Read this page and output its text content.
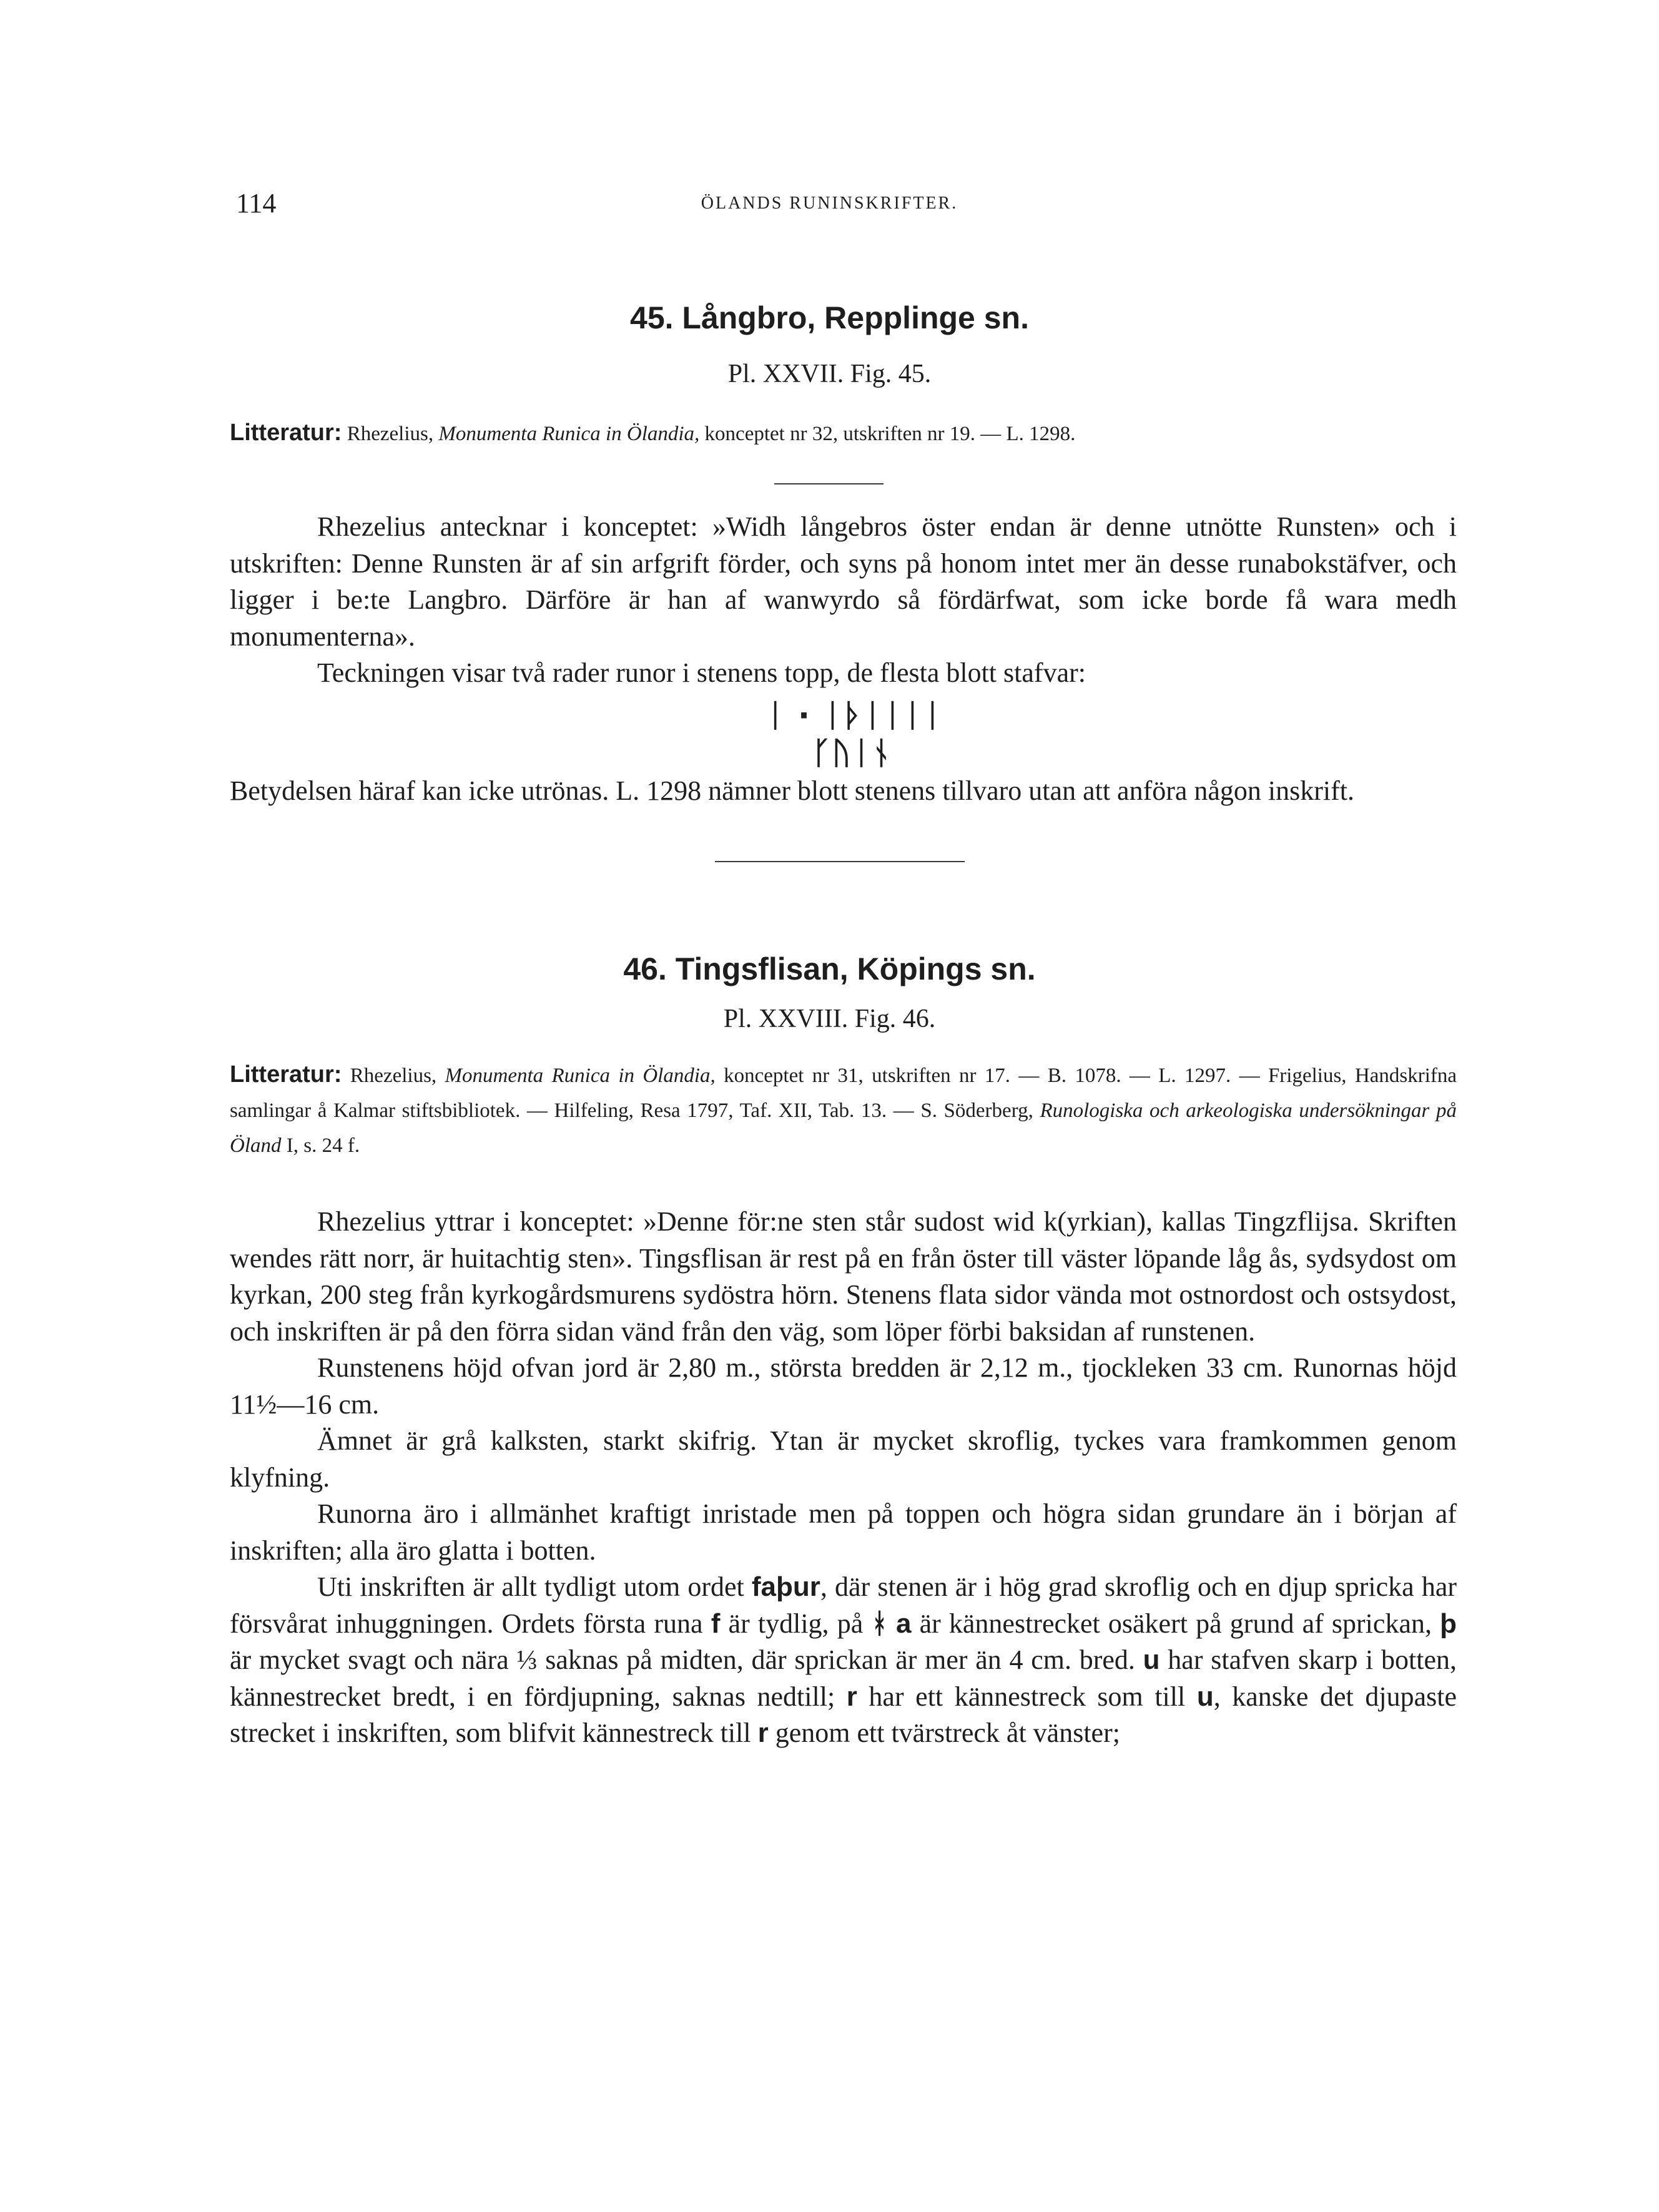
114	ÖLANDS RUNINSKRIFTER.
45. Långbro, Repplinge sn.
Pl. XXVII. Fig. 45.
Litteratur: Rhezelius, Monumenta Runica in Ölandia, konceptet nr 32, utskriften nr 19. — L. 1298.

Rhezelius antecknar i konceptet: »Widh långebros öster endan är denne utnötte Runsten» och i utskriften: Denne Runsten är af sin arfgrift förder, och syns på honom intet mer än desse runabokstäfver, och ligger i be:te Langbro. Därföre är han af wanwyrdo så fördärfwat, som icke borde få wara medh monumenterna».

Teckningen visar två rader runor i stenens topp, de flesta blott stafvar:

ᛁ · ᛁᚦᛁᛁᛁᛁ
ᚴᚢᛁᚾ

Betydelsen häraf kan icke utrönas. L. 1298 nämner blott stenens tillvaro utan att anföra någon inskrift.

46. Tingsflisan, Köpings sn.
Pl. XXVIII. Fig. 46.
Litteratur: Rhezelius, Monumenta Runica in Ölandia, konceptet nr 31, utskriften nr 17. — B. 1078. — L. 1297. — Frigelius, Handskrifna samlingar å Kalmar stiftsbibliotek. — Hilfeling, Resa 1797, Taf. XII, Tab. 13. — S. Söderberg, Runologiska och arkeologiska undersökningar på Öland I, s. 24 f.

Rhezelius yttrar i konceptet: »Denne för:ne sten står sudost wid k(yrkian), kallas Tingzflijsa. Skriften wendes rätt norr, är huitachtig sten». Tingsflisan är rest på en från öster till väster löpande låg ås, sydsydost om kyrkan, 200 steg från kyrkogårdsmurens sydöstra hörn. Stenens flata sidor vända mot ostnordost och ostsydost, och inskriften är på den förra sidan vänd från den väg, som löper förbi baksidan af runstenen.

Runstenens höjd ofvan jord är 2,80 m., största bredden är 2,12 m., tjockleken 33 cm. Runornas höjd 11½—16 cm.

Ämnet är grå kalksten, starkt skifrig. Ytan är mycket skroflig, tyckes vara framkommen genom klyfning.

Runorna äro i allmänhet kraftigt inristade men på toppen och högra sidan grundare än i början af inskriften; alla äro glatta i botten.

Uti inskriften är allt tydligt utom ordet faþur, där stenen är i hög grad skroflig och en djup spricka har försvårat inhuggningen. Ordets första runa f är tydlig, på ᚼ a är kännestrecket osäkert på grund af sprickan, þ är mycket svagt och nära ⅓ saknas på midten, där sprickan är mer än 4 cm. bred. u har stafven skarp i botten, kännestrecket bredt, i en fördjupning, saknas nedtill; r har ett kännestreck som till u, kanske det djupaste strecket i inskriften, som blifvit kännestreck till r genom ett tvärstreck åt vänster;
